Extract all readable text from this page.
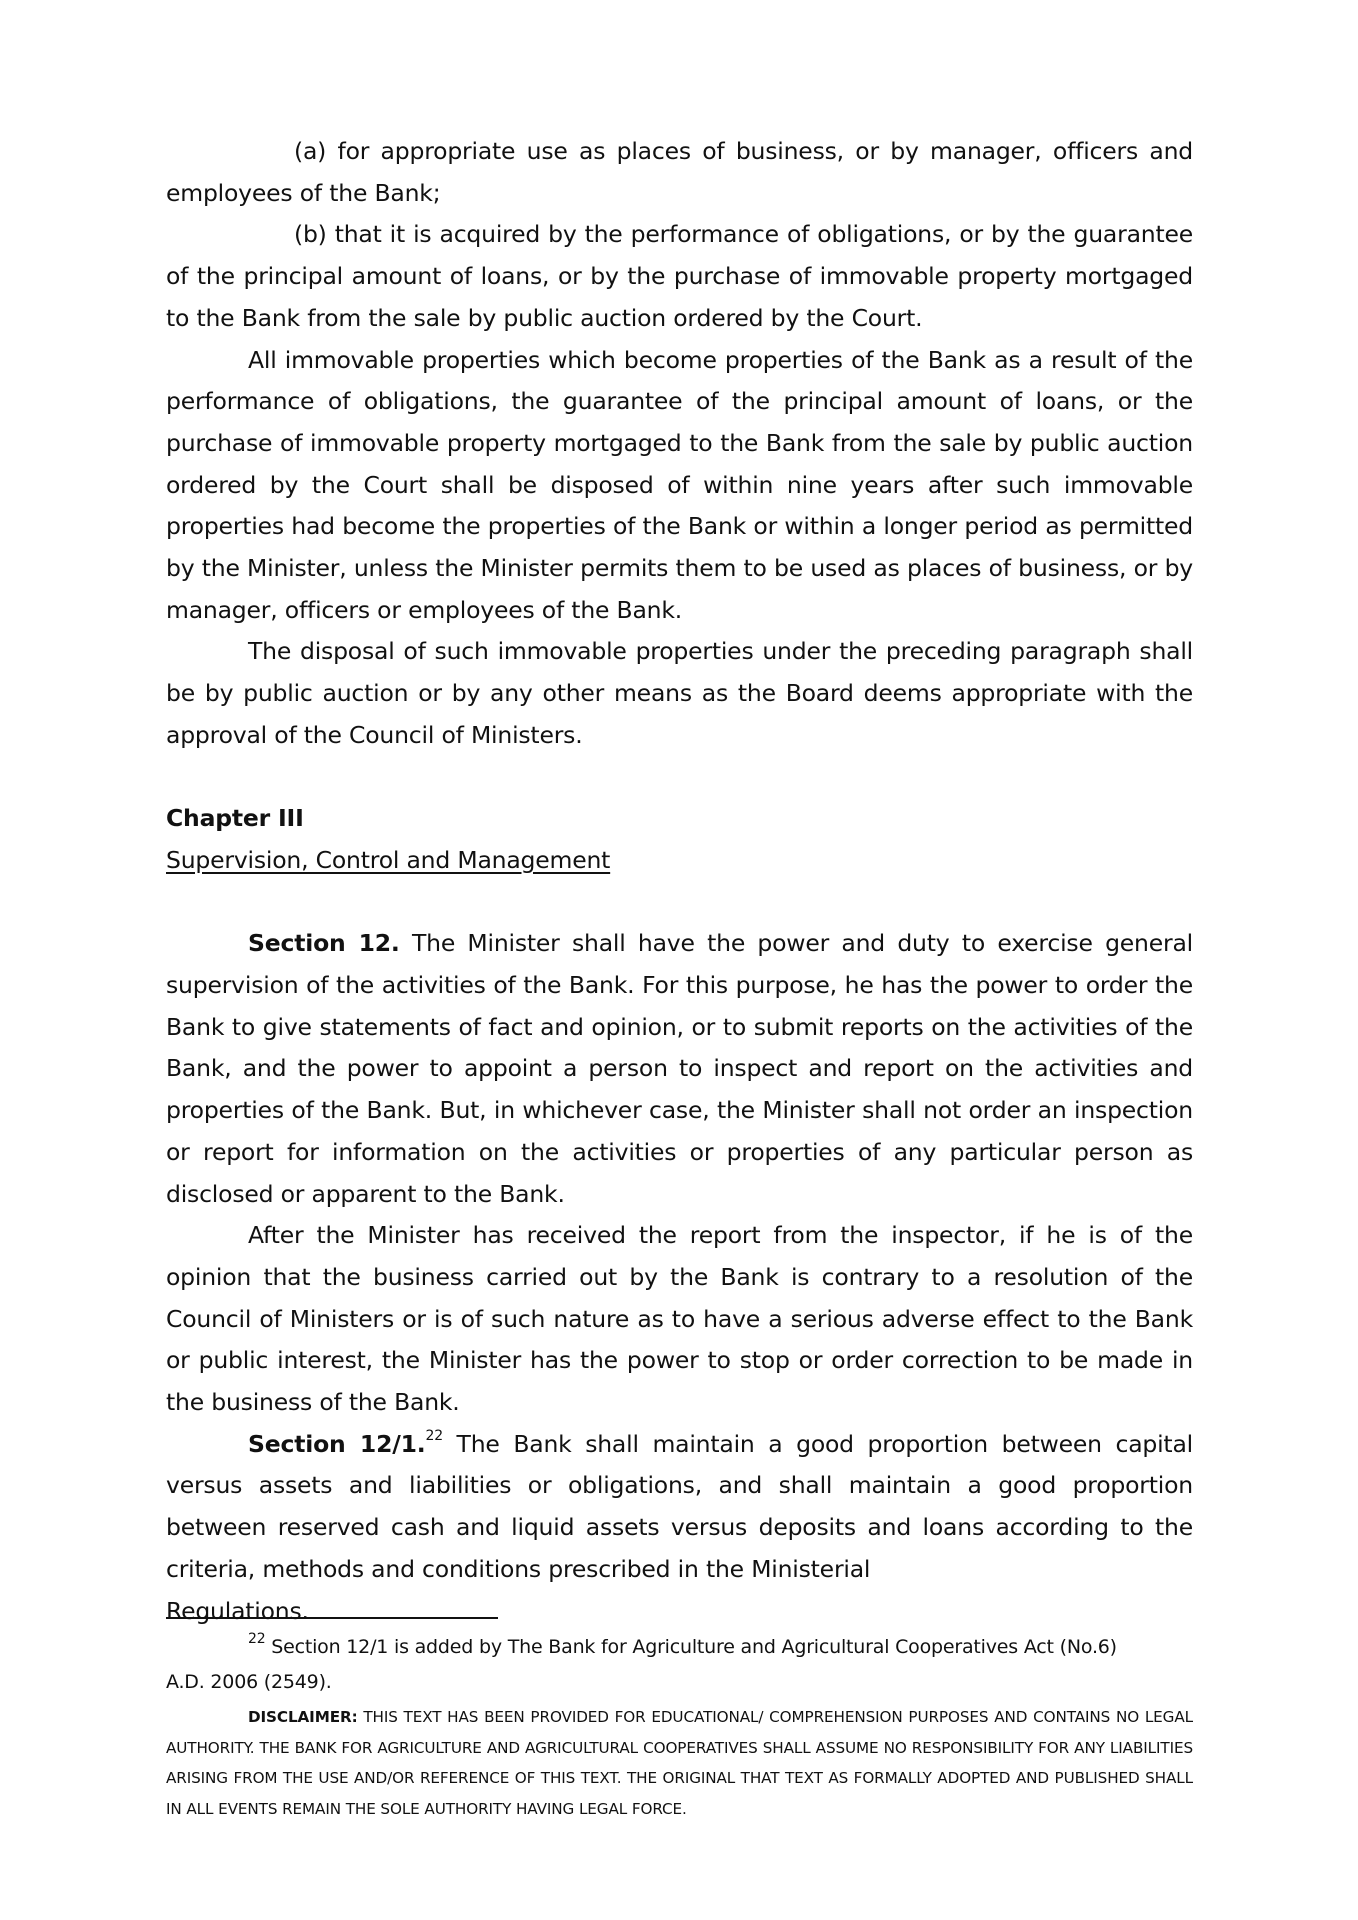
(a) for appropriate use as places of business, or by manager, officers and employees of the Bank;

(b) that it is acquired by the performance of obligations, or by the guarantee of the principal amount of loans, or by the purchase of immovable property mortgaged to the Bank from the sale by public auction ordered by the Court.

All immovable properties which become properties of the Bank as a result of the performance of obligations, the guarantee of the principal amount of loans, or the purchase of immovable property mortgaged to the Bank from the sale by public auction ordered by the Court shall be disposed of within nine years after such immovable properties had become the properties of the Bank or within a longer period as permitted by the Minister, unless the Minister permits them to be used as places of business, or by manager, officers or employees of the Bank.

The disposal of such immovable properties under the preceding paragraph shall be by public auction or by any other means as the Board deems appropriate with the approval of the Council of Ministers.

Chapter III

Supervision, Control and Management

Section 12. The Minister shall have the power and duty to exercise general supervision of the activities of the Bank. For this purpose, he has the power to order the Bank to give statements of fact and opinion, or to submit reports on the activities of the Bank, and the power to appoint a person to inspect and report on the activities and properties of the Bank. But, in whichever case, the Minister shall not order an inspection or report for information on the activities or properties of any particular person as disclosed or apparent to the Bank.

After the Minister has received the report from the inspector, if he is of the opinion that the business carried out by the Bank is contrary to a resolution of the Council of Ministers or is of such nature as to have a serious adverse effect to the Bank or public interest, the Minister has the power to stop or order correction to be made in the business of the Bank.

Section 12/1.22 The Bank shall maintain a good proportion between capital versus assets and liabilities or obligations, and shall maintain a good proportion between reserved cash and liquid assets versus deposits and loans according to the criteria, methods and conditions prescribed in the Ministerial

Regulations.

$^{22}$ Section 12/1 is added by The Bank for Agriculture and Agricultural Cooperatives Act (No.6)

A.D. 2006 (2549).

DISCLAIMER: THIS TEXT HAS BEEN PROVIDED FOR EDUCATIONAL/ COMPREHENSION PURPOSES AND CONTAINS NO LEGAL AUTHORITY. THE BANK FOR AGRICULTURE AND AGRICULTURAL COOPERATIVES SHALL ASSUME NO RESPONSIBILITY FOR ANY LIABILITIES ARISING FROM THE USE AND/OR REFERENCE OF THIS TEXT. THE ORIGINAL THAT TEXT AS FORMALLY ADOPTED AND PUBLISHED SHALL IN ALL EVENTS REMAIN THE SOLE AUTHORITY HAVING LEGAL FORCE.
